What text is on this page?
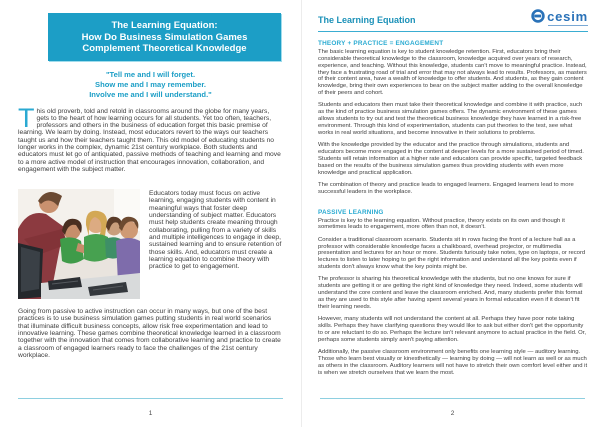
The Learning Equation:
How Do Business Simulation Games
Complement Theoretical Knowledge
"Tell me and I will forget.
Show me and I may remember.
Involve me and I will understand."

This old proverb, told and retold in classrooms around the globe for many years, gets to the heart of how learning occurs for all students. Yet too often, teachers, professors and others in the business of education forget this basic premise of learning. We learn by doing. Instead, most educators revert to the ways our teachers taught us and how their teachers taught them. This old model of educating students no longer works in the complex, dynamic 21st century workplace. Both students and educators must let go of antiquated, passive methods of teaching and learning and move to a more active model of instruction that encourages innovation, collaboration, and engagement with the subject matter.

Educators today must focus on active learning, engaging students with content in meaningful ways that foster deep understanding of subject matter. Educators must help students create meaning through collaborating, pulling from a variety of skills and multiple intelligences to engage in deep, sustained learning and to ensure retention of those skills. And, educators must create a learning equation to combine theory with practice to get to engagement.

Going from passive to active instruction can occur in many ways, but one of the best practices is to use business simulation games putting students in real world scenarios that illuminate difficult business concepts, allow risk free experimentation and lead to innovative learning. These games combine theoretical knowledge learned in a classroom together with the innovation that comes from collaborative learning and practice to create a classroom of engaged learners ready to face the challenges of the 21st century workplace.

1
The Learning Equation	cesim
THEORY + PRACTICE = ENGAGEMENT

The basic learning equation is key to student knowledge retention. First, educators bring their considerable theoretical knowledge to the classroom, knowledge acquired over years of research, experience, and teaching. Without this knowledge, students can't move to meaningful practice. Instead, they face a frustrating road of trial and error that may not always lead to results. Professors, as masters of their content area, have a wealth of knowledge to offer students. And students, as they gain content knowledge, bring their own experiences to bear on the subject matter adding to the overall knowledge of their peers and cohort.

Students and educators then must take their theoretical knowledge and combine it with practice, such as the kind of practice business simulation games offers. The dynamic environment of these games allows students to try out and test the theoretical business knowledge they have learned in a risk-free environment. Through this kind of experimentation, students can put theories to the test, see what works in real world situations, and become innovative in their solutions to problems.

With the knowledge provided by the educator and the practice through simulations, students and educators become more engaged in the content at deeper levels for a more sustained period of timed. Students will retain information at a higher rate and educators can provide specific, targeted feedback based on the results of the business simulation games thus providing students with even more knowledge and practical application.

The combination of theory and practice leads to engaged learners. Engaged learners lead to more successful leaders in the workplace.

PASSIVE LEARNING

Practice is key to the learning equation. Without practice, theory exists on its own and though it sometimes leads to engagement, more often than not, it doesn't.

Consider a traditional classroom scenario. Students sit in rows facing the front of a lecture hall as a professor with considerable knowledge faces a chalkboard, overhead projector, or multimedia presentation and lectures for an hour or more. Students furiously take notes, type on laptops, or record lectures to listen to later hoping to get the right information and understand all the key points even if students don't always know what the key points might be.

The professor is sharing his theoretical knowledge with the students, but no one knows for sure if students are getting it or are getting the right kind of knowledge they need. Indeed, some students will understand the core content and leave the classroom enriched. And, many students prefer this format as they are used to this style after having spent several years in formal education even if it doesn't fit their learning needs.

However, many students will not understand the content at all. Perhaps they have poor note taking skills. Perhaps they have clarifying questions they would like to ask but either don't get the opportunity to or are reluctant to do so. Perhaps the lecture isn't relevant anymore to actual practice in the field. Or, perhaps some students simply aren't paying attention.

Additionally, the passive classroom environment only benefits one learning style — auditory learning. Those who learn best visually or kinesthetically — learning by doing — will not learn as well or as much as others in the classroom. Auditory learners will not have to stretch their own comfort level either and it is when we stretch ourselves that we learn the most.

2
